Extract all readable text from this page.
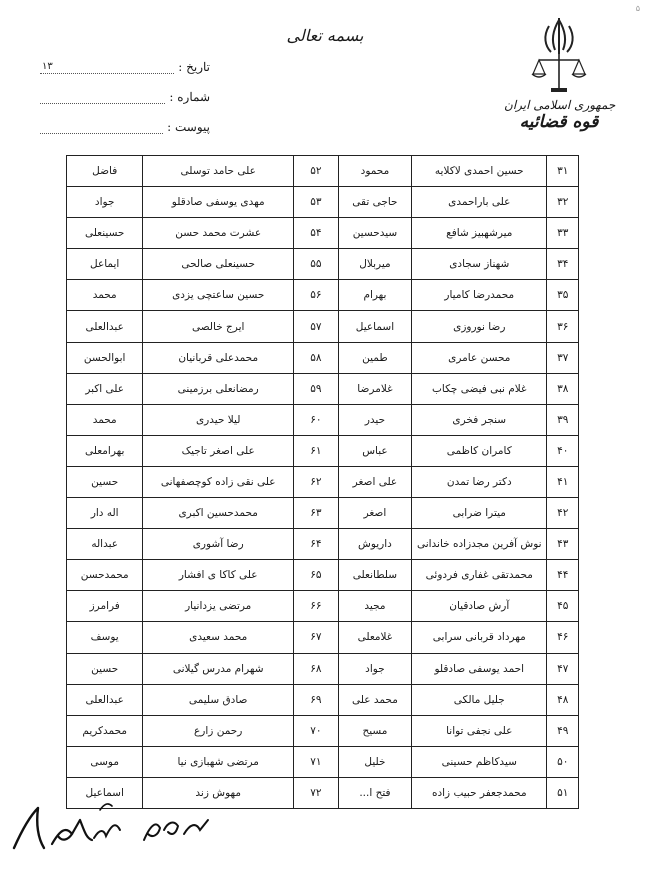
۵
تاریخ :
۱۳
شماره :
پیوست :
بسمه تعالی
جمهوری اسلامی ایران
قوه قضائیه
۳۱	حسین احمدی لاکلایه	محمود	۵۲	علی حامد توسلی	فاضل
۳۲	علی باراحمدی	حاجی تقی	۵۳	مهدی یوسفی صادقلو	جواد
۳۳	میرشهبیز شافع	سیدحسین	۵۴	عشرت محمد حسن	حسینعلی
۳۴	شهناز سجادی	میربلال	۵۵	حسینعلی صالحی	ایماعل
۳۵	محمدرضا کامیار	بهرام	۵۶	حسین ساعتچی یزدی	محمد
۳۶	رضا نوروزی	اسماعیل	۵۷	ایرج خالصی	عبدالعلی
۳۷	محسن عامری	طمین	۵۸	محمدعلی قربانیان	ابوالحسن
۳۸	غلام نبی فیضی چکاب	غلامرضا	۵۹	رمضانعلی برزمینی	علی اکبر
۳۹	سنجر فخری	حیدر	۶۰	لیلا حیدری	محمد
۴۰	کامران کاظمی	عباس	۶۱	علی اصغر تاجیک	بهرامعلی
۴۱	دکتر رضا تمدن	علی اصغر	۶۲	علی نقی زاده کوچصفهانی	حسین
۴۲	میترا ضرابی	اصغر	۶۳	محمدحسین اکبری	اله دار
۴۳	نوش آفرین مجدزاده خاندانی	داریوش	۶۴	رضا آشوری	عبداله
۴۴	محمدتقی غفاری فردوئی	سلطانعلی	۶۵	علی کاکا ی افشار	محمدحسن
۴۵	آرش صادقیان	مجید	۶۶	مرتضی یزدانیار	فرامرز
۴۶	مهرداد قربانی سرابی	غلامعلی	۶۷	محمد سعیدی	یوسف
۴۷	احمد یوسفی صادقلو	جواد	۶۸	شهرام مدرس گیلانی	حسین
۴۸	جلیل مالکی	محمد علی	۶۹	صادق سلیمی	عبدالعلی
۴۹	علی نجفی توانا	مسیح	۷۰	رحمن زارع	محمدکریم
۵۰	سیدکاظم حسینی	خلیل	۷۱	مرتضی شهبازی نیا	موسی
۵۱	محمدجعفر حبیب زاده	فتح ا...	۷۲	مهوش زند	اسماعیل
